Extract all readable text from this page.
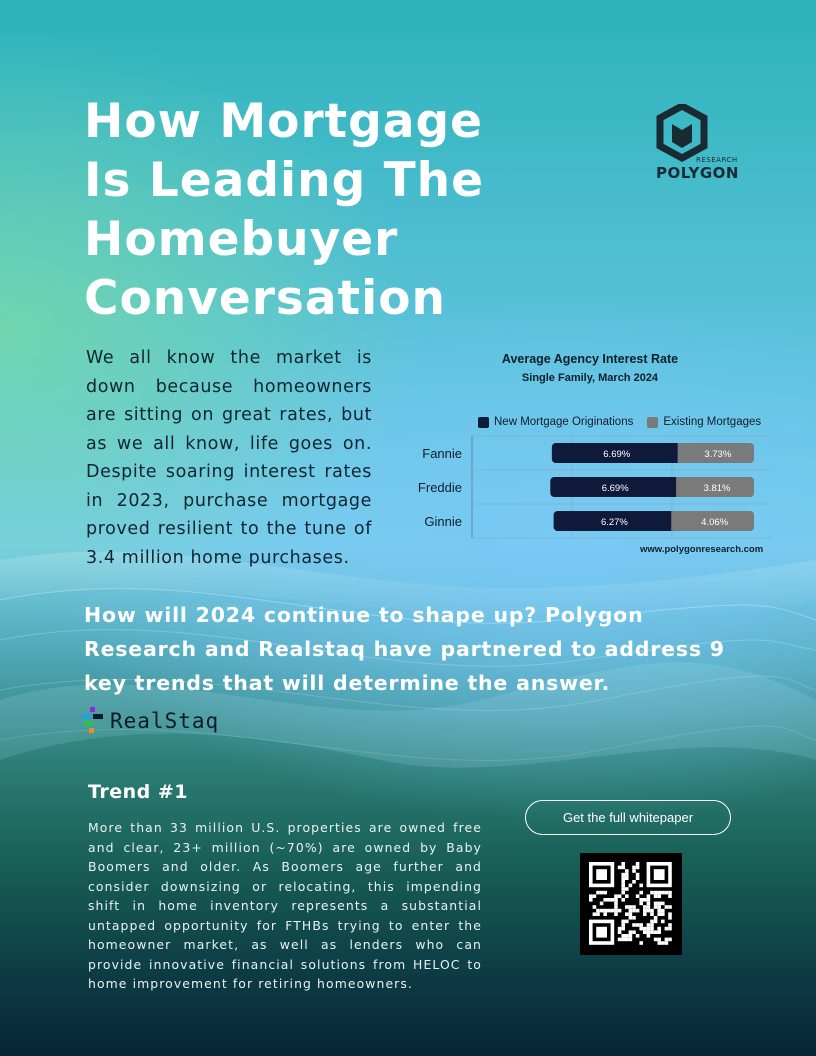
How Mortgage
Is Leading The
Homebuyer
Conversation
RESEARCH
POLYGON
We all know the market is down because homeowners are sitting on great rates, but as we all know, life goes on. Despite soaring interest rates in 2023, purchase mortgage proved resilient to the tune of 3.4 million home purchases.
Average Agency Interest Rate
Single Family, March 2024
New Mortgage Originations	Existing Mortgages
Fannie	6.69%	3.73%
Freddie	6.69%	3.81%
Ginnie	6.27%	4.06%
www.polygonresearch.com
How will 2024 continue to shape up? Polygon Research and Realstaq have partnered to address 9 key trends that will determine the answer.
RealStaq
Trend #1
More than 33 million U.S. properties are owned free and clear, 23+ million (~70%) are owned by Baby Boomers and older. As Boomers age further and consider downsizing or relocating, this impending shift in home inventory represents a substantial untapped opportunity for FTHBs trying to enter the homeowner market, as well as lenders who can provide innovative financial solutions from HELOC to home improvement for retiring homeowners.
Get the full whitepaper
